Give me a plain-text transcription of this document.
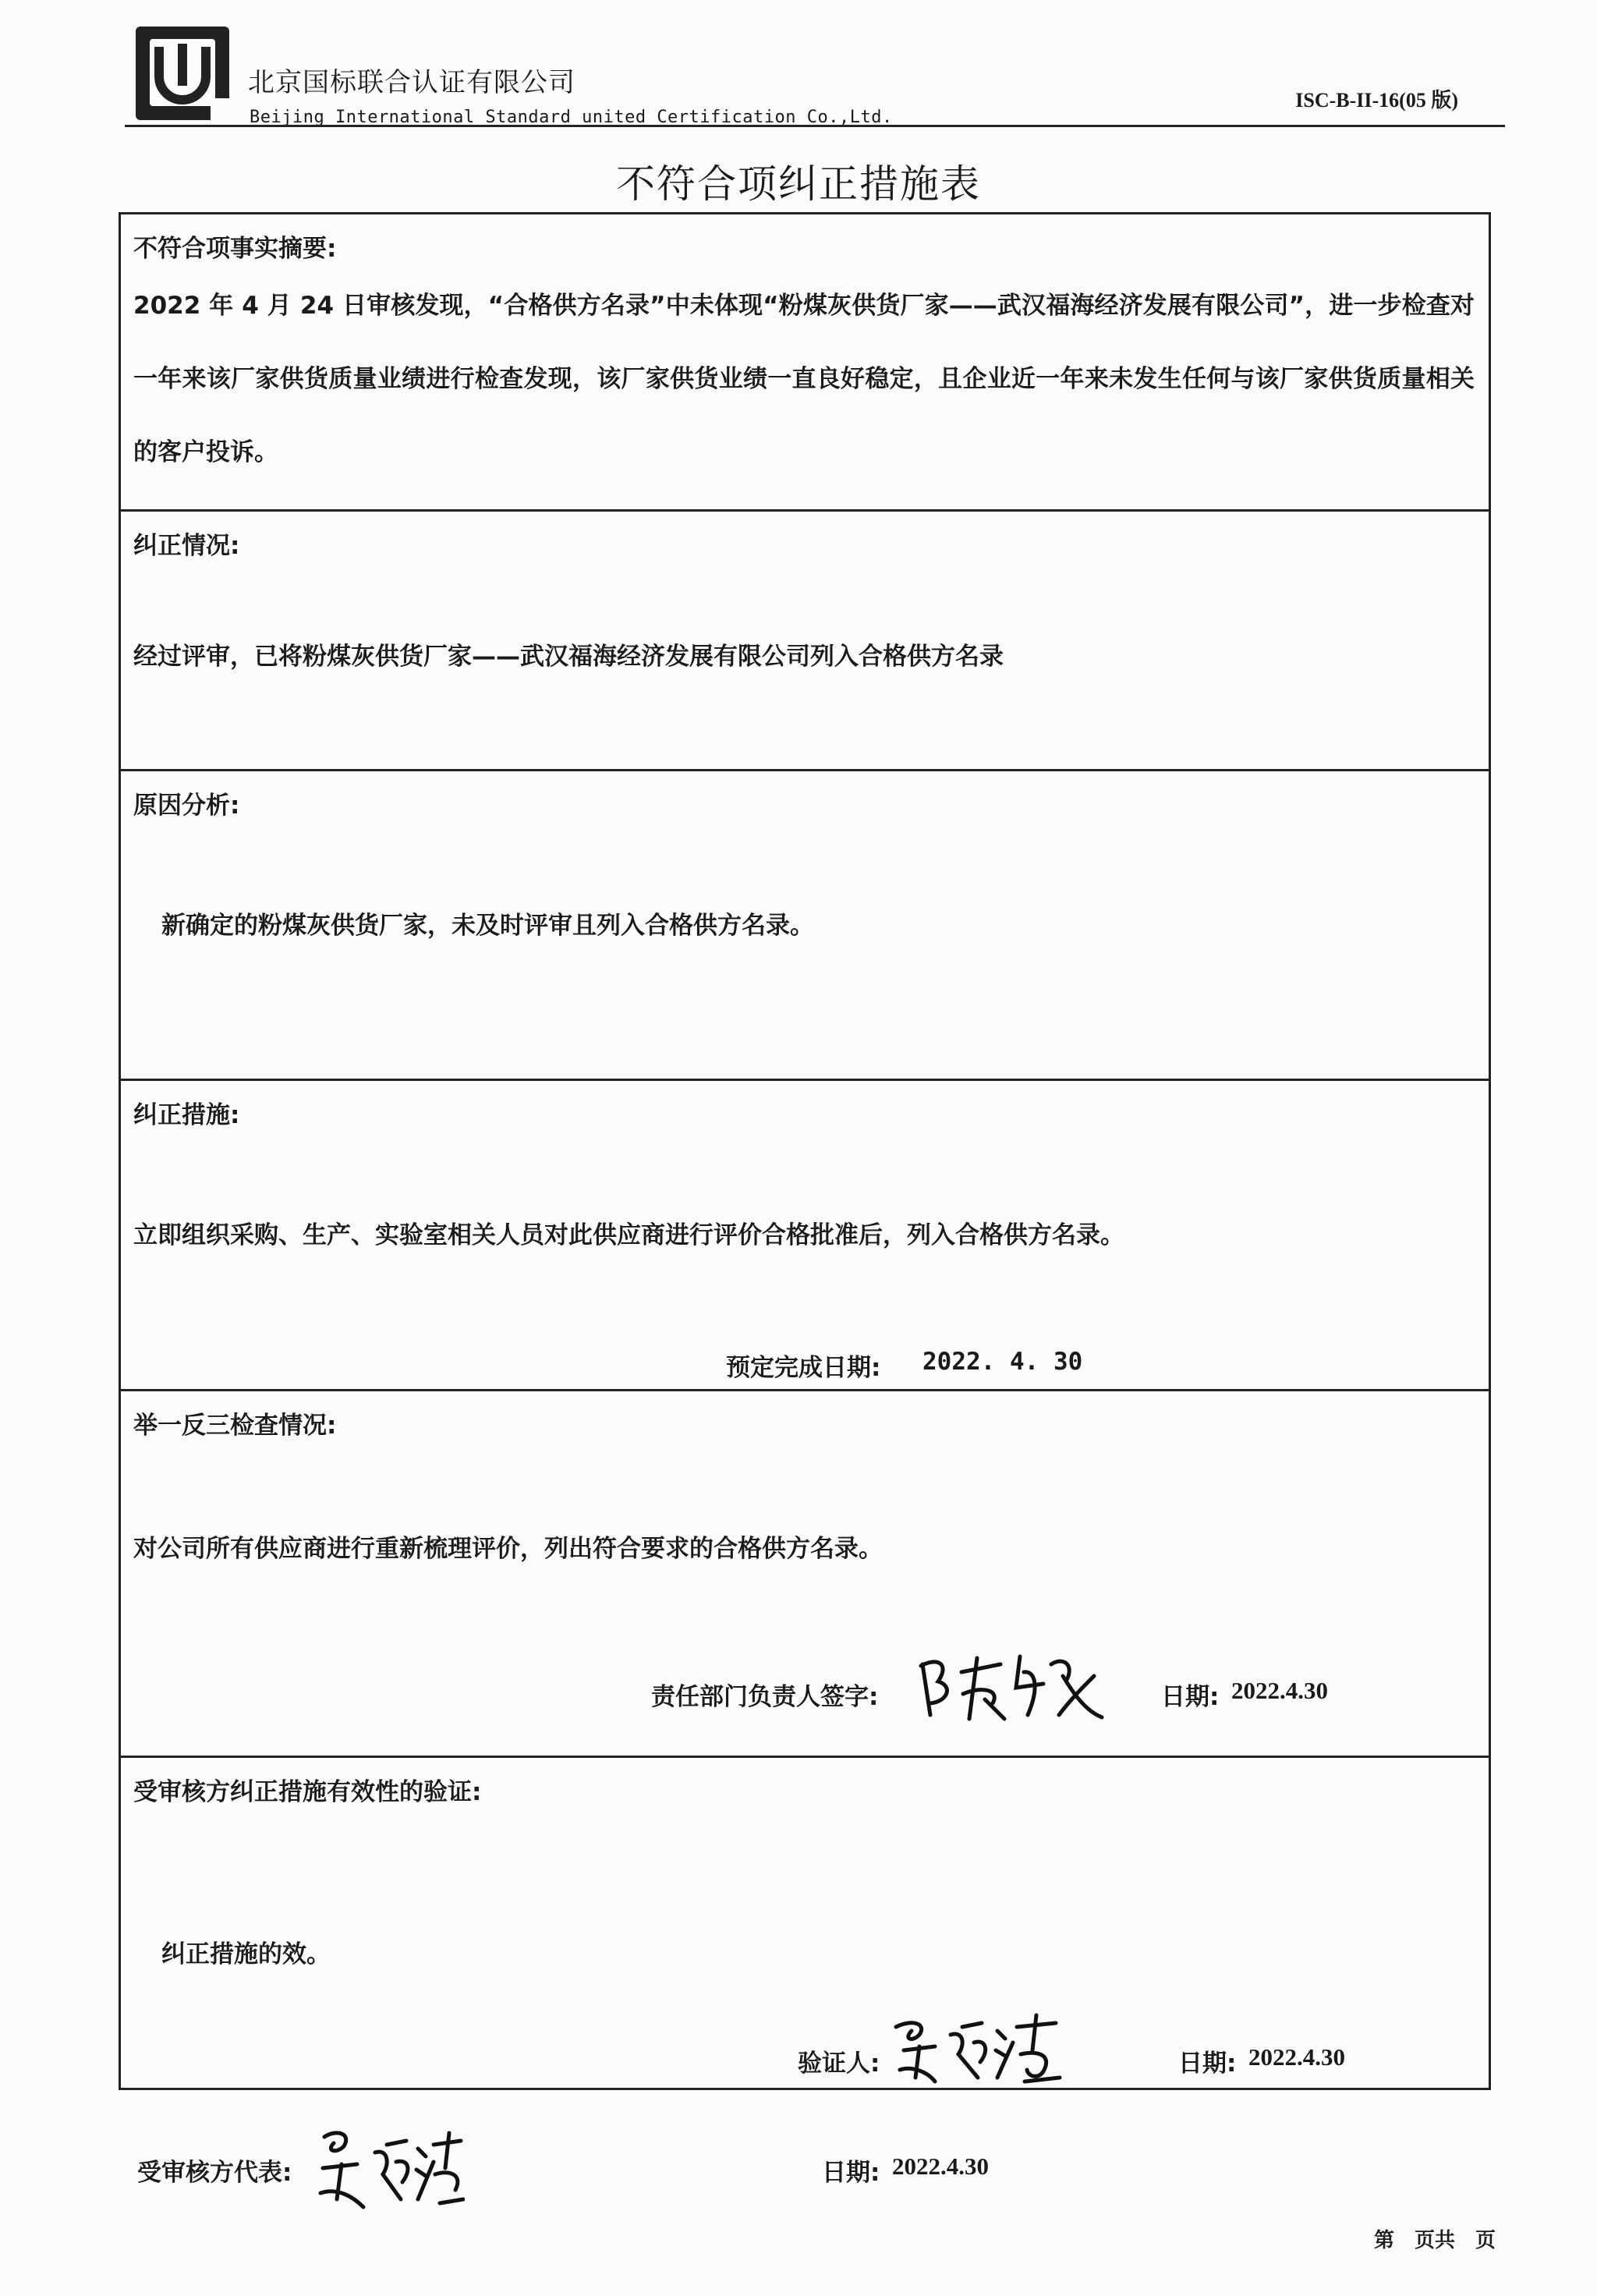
北京国标联合认证有限公司
Beijing International Standard united Certification Co.,Ltd.
ISC-B-II-16(05 版)
不符合项纠正措施表
不符合项事实摘要:
2022 年 4 月 24 日审核发现，“合格供方名录”中未体现“粉煤灰供货厂家——武汉福海经济发展有限公司”，进一步检查对一年来该厂家供货质量业绩进行检查发现，该厂家供货业绩一直良好稳定，且企业近一年来未发生任何与该厂家供货质量相关的客户投诉。
纠正情况:
经过评审，已将粉煤灰供货厂家——武汉福海经济发展有限公司列入合格供方名录
原因分析:
新确定的粉煤灰供货厂家，未及时评审且列入合格供方名录。
纠正措施:
立即组织采购、生产、实验室相关人员对此供应商进行评价合格批准后，列入合格供方名录。
预定完成日期: 2022. 4. 30
举一反三检查情况:
对公司所有供应商进行重新梳理评价，列出符合要求的合格供方名录。
责任部门负责人签字:	日期: 2022.4.30
受审核方纠正措施有效性的验证:
纠正措施的效。
验证人:	日期: 2022.4.30
受审核方代表:	日期: 2022.4.30
第　页共　页
